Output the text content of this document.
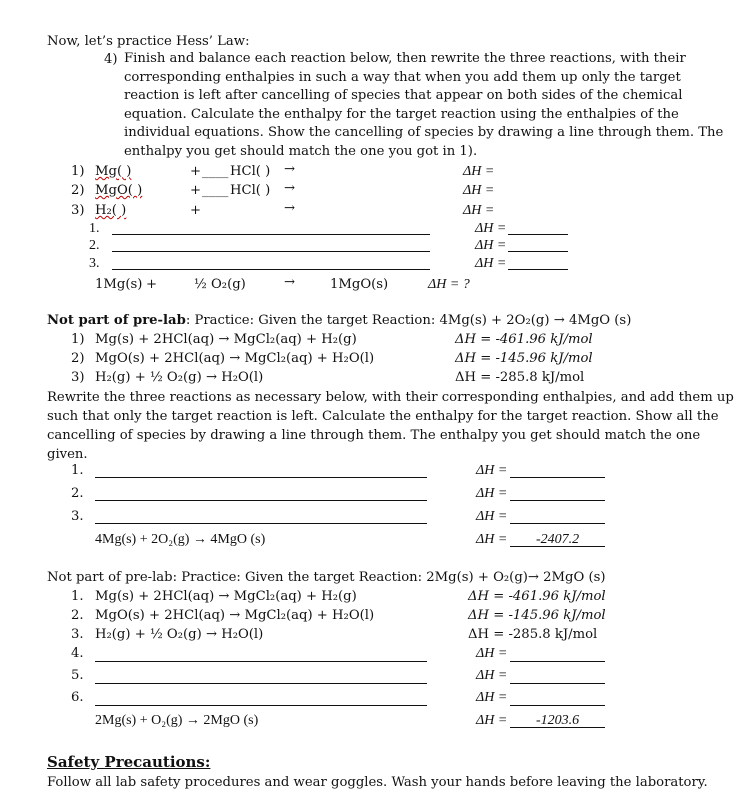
Now, let’s practice Hess’ Law:
4) Finish and balance each reaction below, then rewrite the three reactions, with their corresponding enthalpies in such a way that when you add them up only the target reaction is left after cancelling of species that appear on both sides of the chemical equation. Calculate the enthalpy for the target reaction using the enthalpies of the individual equations. Show the cancelling of species by drawing a line through them. The enthalpy you get should match the one you got in 1).
1) Mg( )	+ ____ HCl( ) →	ΔH =
2) MgO( )	+ ____ HCl( ) →	ΔH =
3) H₂( )	+	→	ΔH =
1.	ΔH =
2.	ΔH =
3.	ΔH =
1Mg(s) +	½ O₂(g)	→	1MgO(s)	ΔH = ?
Not part of pre-lab: Practice: Given the target Reaction: 4Mg(s) + 2O₂(g) → 4MgO (s)
1) Mg(s) + 2HCl(aq) → MgCl₂(aq) + H₂(g)	ΔH = -461.96 kJ/mol
2) MgO(s) + 2HCl(aq) → MgCl₂(aq) + H₂O(l)	ΔH = -145.96 kJ/mol
3) H₂(g) + ½ O₂(g) → H₂O(l)	ΔH = -285.8 kJ/mol
Rewrite the three reactions as necessary below, with their corresponding enthalpies, and add them up such that only the target reaction is left. Calculate the enthalpy for the target reaction. Show all the cancelling of species by drawing a line through them. The enthalpy you get should match the one given.
1.	ΔH =
2.	ΔH =
3.	ΔH =
4Mg(s) + 2O₂(g) → 4MgO (s)	ΔH = -2407.2
Not part of pre-lab: Practice: Given the target Reaction: 2Mg(s) + O₂(g)→ 2MgO (s)
1. Mg(s) + 2HCl(aq) → MgCl₂(aq) + H₂(g)	ΔH = -461.96 kJ/mol
2. MgO(s) + 2HCl(aq) → MgCl₂(aq) + H₂O(l)	ΔH = -145.96 kJ/mol
3. H₂(g) + ½ O₂(g) → H₂O(l)	ΔH = -285.8 kJ/mol
4.	ΔH =
5.	ΔH =
6.	ΔH =
2Mg(s) + O₂(g) → 2MgO (s)	ΔH = -1203.6
Safety Precautions:
Follow all lab safety procedures and wear goggles. Wash your hands before leaving the laboratory.
